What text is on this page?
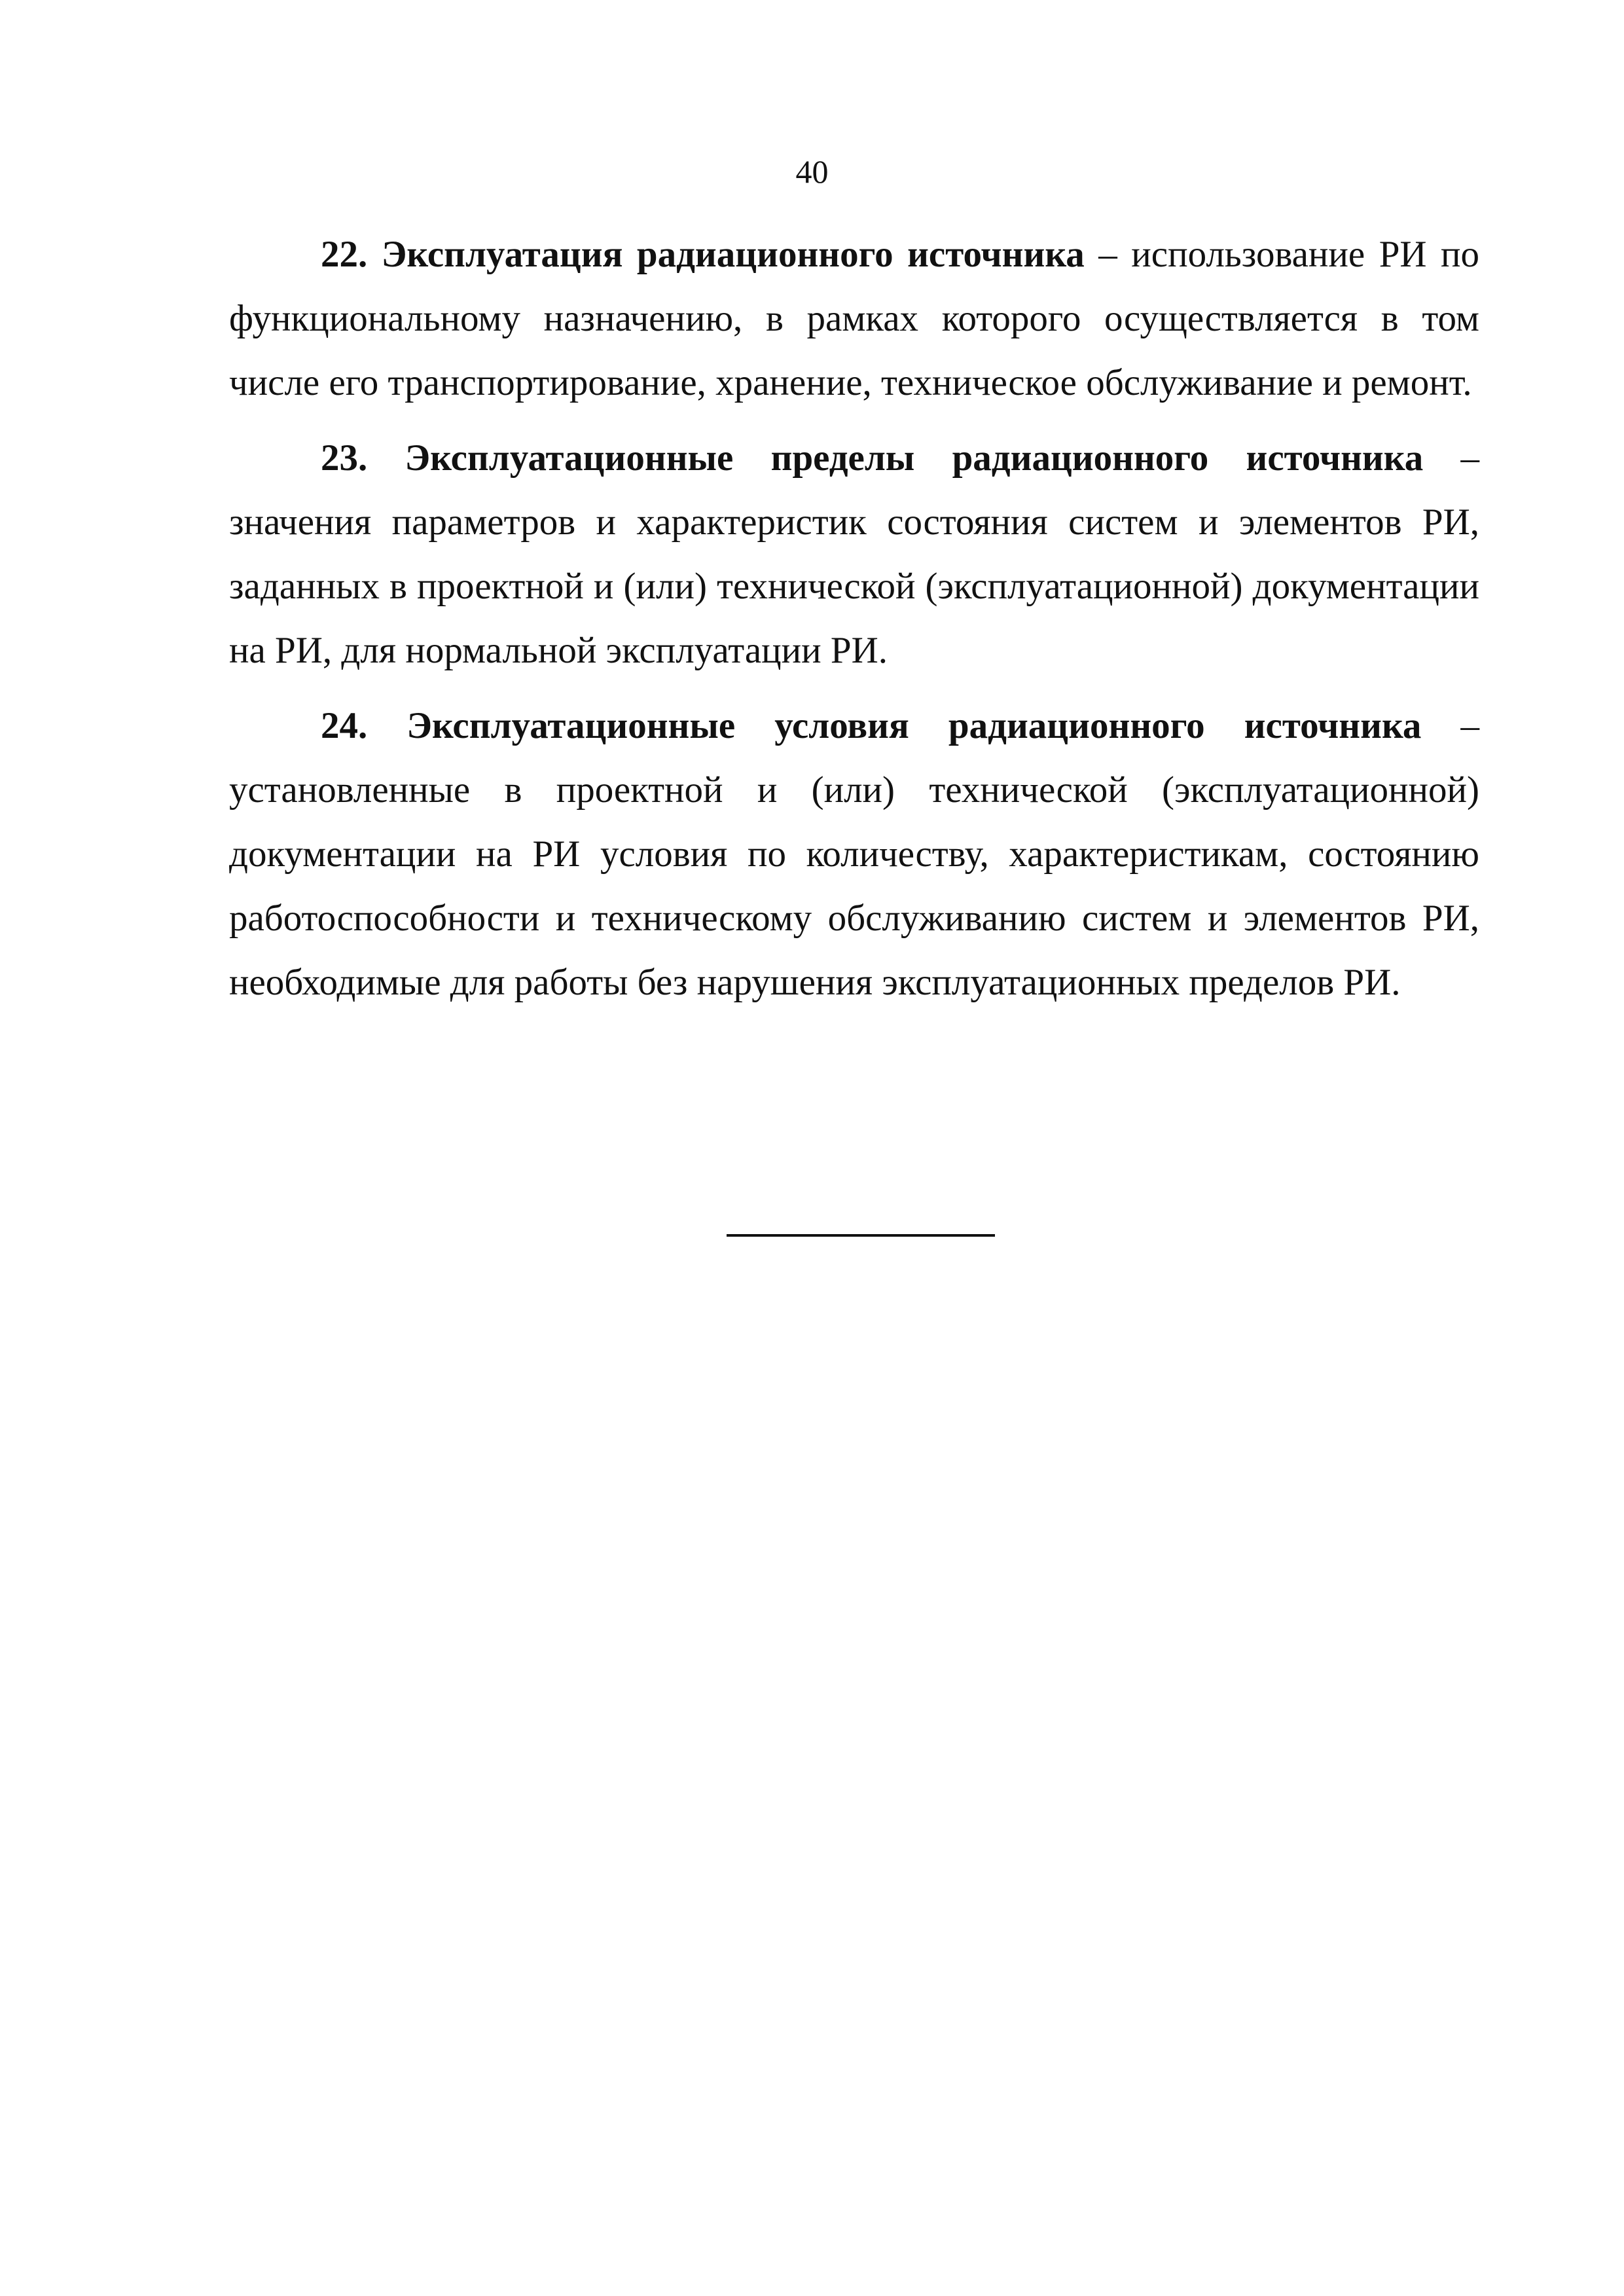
40

22. Эксплуатация радиационного источника – использование РИ по функциональному назначению, в рамках которого осуществляется в том числе его транспортирование, хранение, техническое обслуживание и ремонт.

23. Эксплуатационные пределы радиационного источника – значения параметров и характеристик состояния систем и элементов РИ, заданных в проектной и (или) технической (эксплуатационной) документации на РИ, для нормальной эксплуатации РИ.

24. Эксплуатационные условия радиационного источника – установленные в проектной и (или) технической (эксплуатационной) документации на РИ условия по количеству, характеристикам, состоянию работоспособности и техническому обслуживанию систем и элементов РИ, необходимые для работы без нарушения эксплуатационных пределов РИ.
